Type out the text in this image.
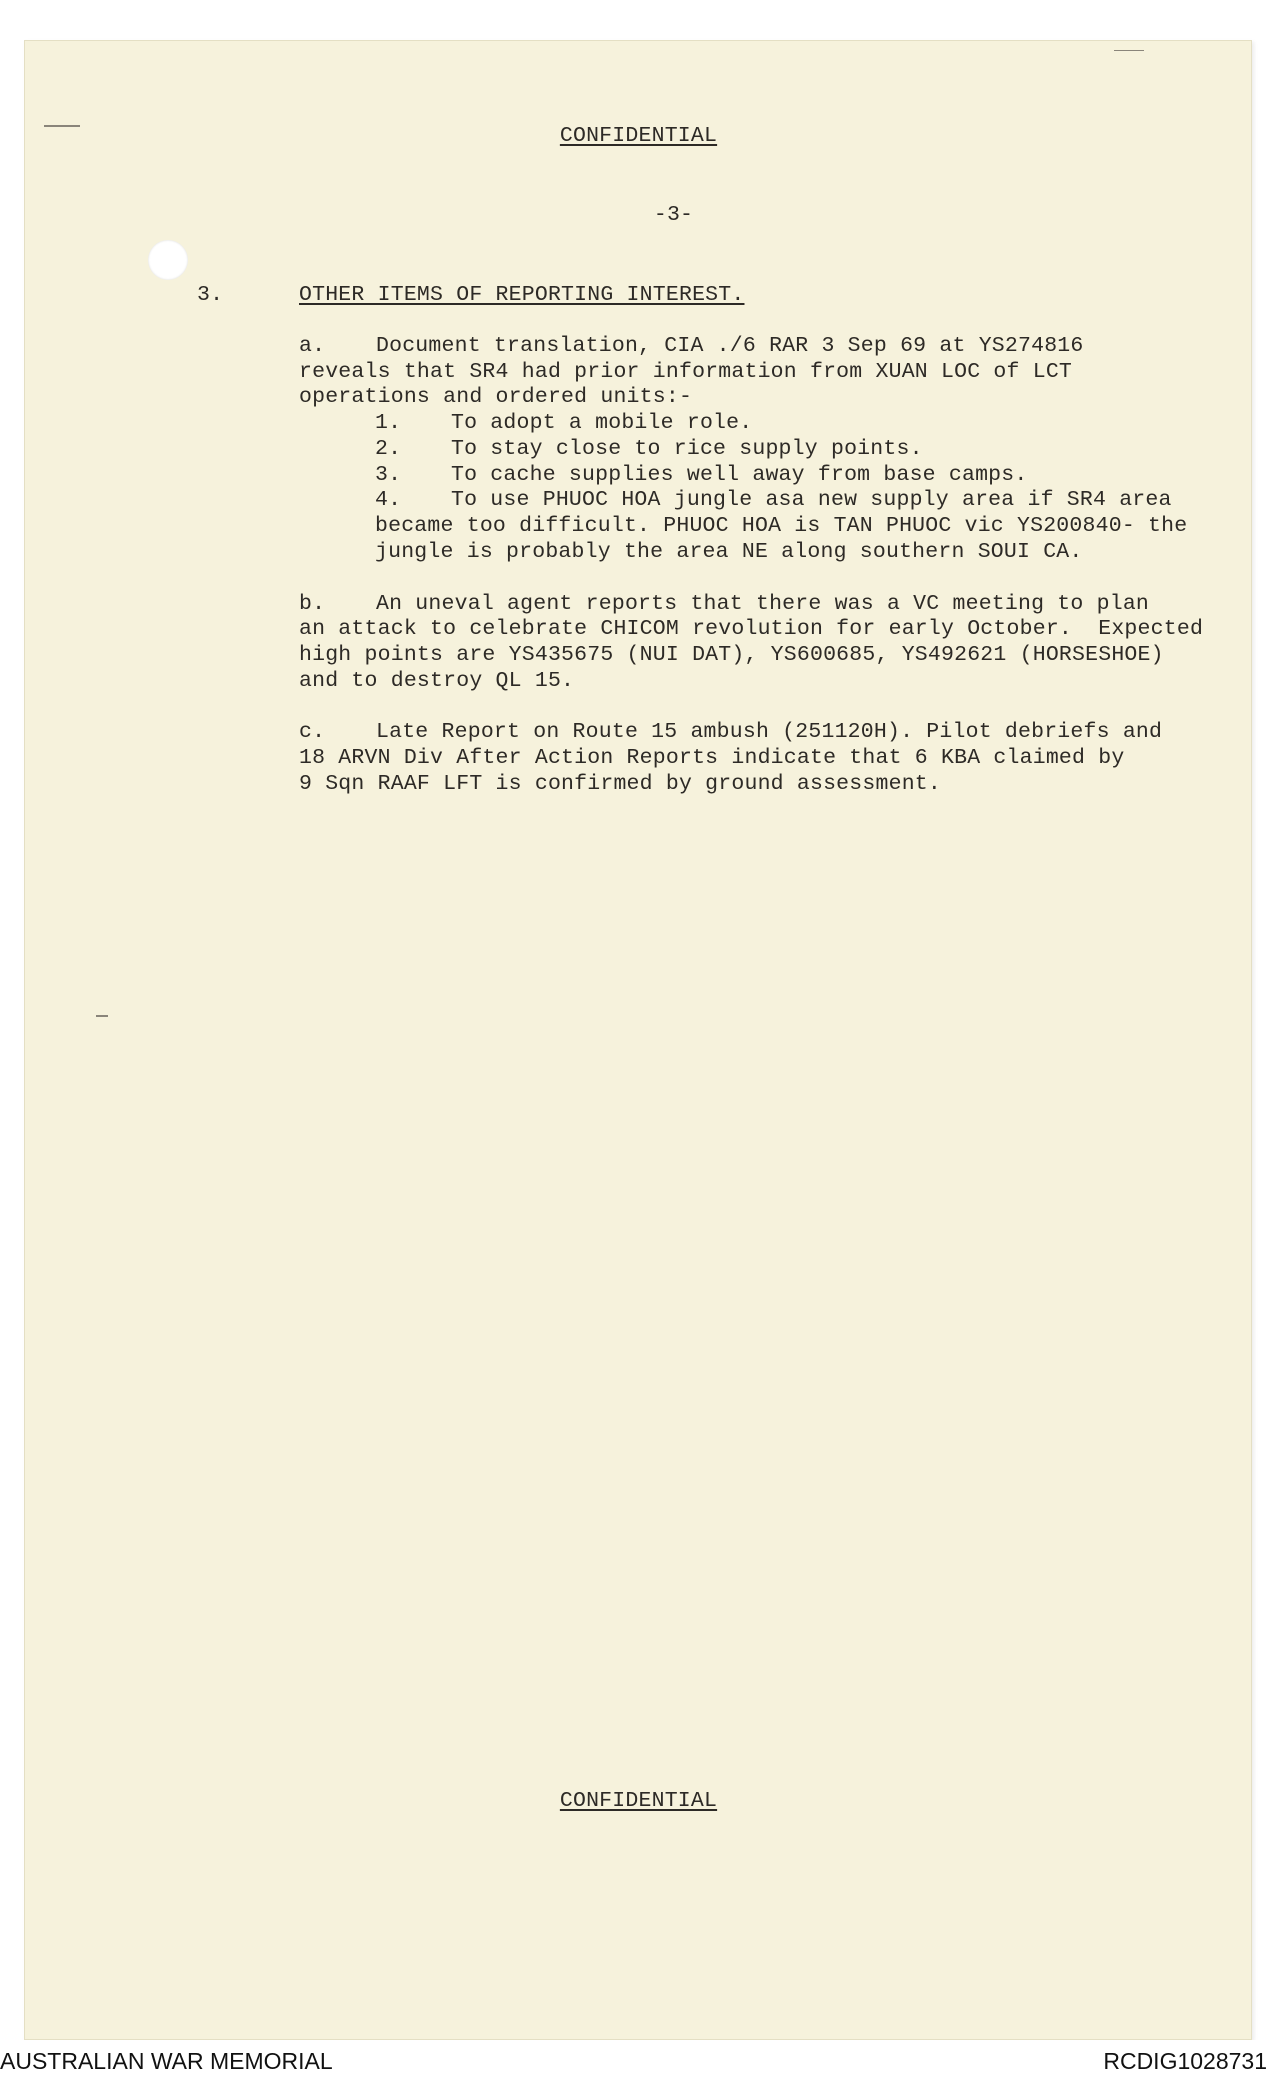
CONFIDENTIAL
-3-
3.	OTHER ITEMS OF REPORTING INTEREST.
a. Document translation, CIA ./6 RAR 3 Sep 69 at YS274816
reveals that SR4 had prior information from XUAN LOC of LCT
operations and ordered units:-
1. To adopt a mobile role.
2. To stay close to rice supply points.
3. To cache supplies well away from base camps.
4. To use PHUOC HOA jungle asa new supply area if SR4 area
became too difficult. PHUOC HOA is TAN PHUOC vic YS200840- the
jungle is probably the area NE along southern SOUI CA.
b. An uneval agent reports that there was a VC meeting to plan
an attack to celebrate CHICOM revolution for early October.  Expected
high points are YS435675 (NUI DAT), YS600685, YS492621 (HORSESHOE)
and to destroy QL 15.
c. Late Report on Route 15 ambush (251120H). Pilot debriefs and
18 ARVN Div After Action Reports indicate that 6 KBA claimed by
9 Sqn RAAF LFT is confirmed by ground assessment.
CONFIDENTIAL
AUSTRALIAN WAR MEMORIAL	RCDIG1028731
